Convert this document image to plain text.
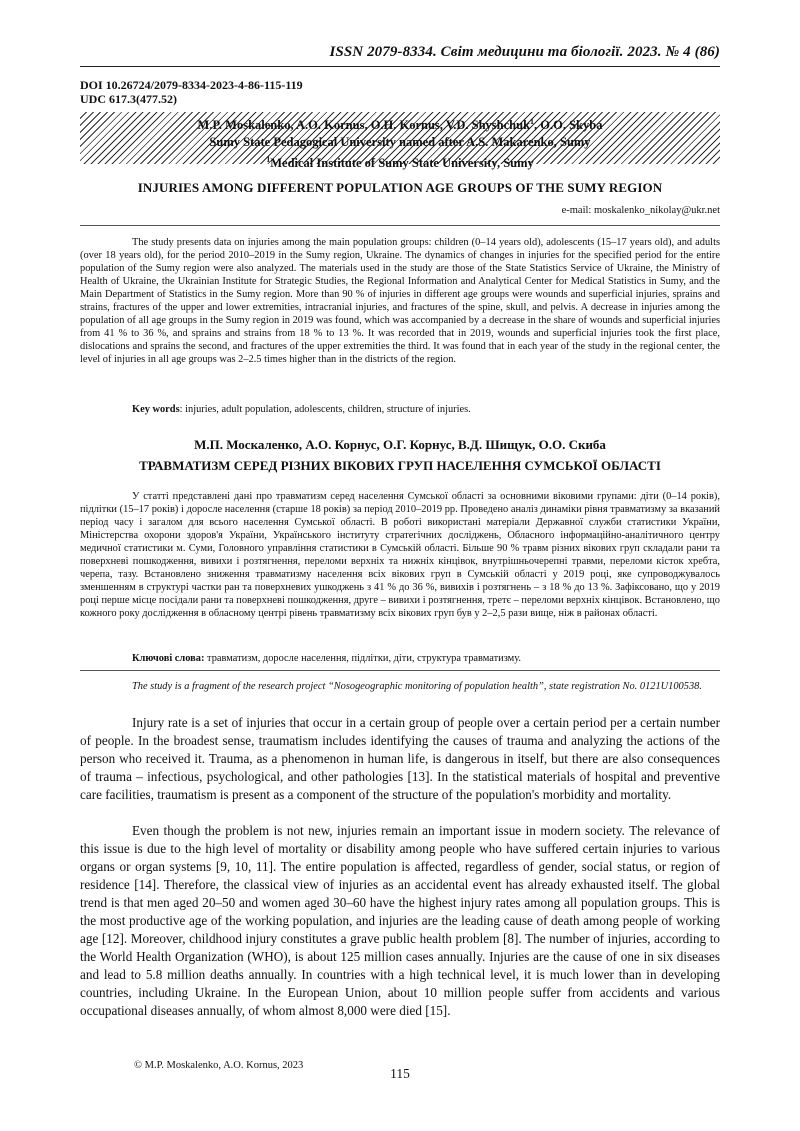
ISSN 2079-8334. Світ медицини та біології. 2023. № 4 (86)
DOI 10.26724/2079-8334-2023-4-86-115-119
UDC 617.3(477.52)
M.P. Moskalenko, A.O. Kornus, O.H. Kornus, V.D. Shyshchuk$^1$, O.O. Skyba
Sumy State Pedagogical University named after A.S. Makarenko, Sumy
$^1$Medical Institute of Sumy State University, Sumy
INJURIES AMONG DIFFERENT POPULATION AGE GROUPS OF THE SUMY REGION
e-mail: moskalenko_nikolay@ukr.net

The study presents data on injuries among the main population groups: children (0–14 years old), adolescents (15–17 years old), and adults (over 18 years old), for the period 2010–2019 in the Sumy region, Ukraine. The dynamics of changes in injuries for the specified period for the entire population of the Sumy region were also analyzed. The materials used in the study are those of the State Statistics Service of Ukraine, the Ministry of Health of Ukraine, the Ukrainian Institute for Strategic Studies, the Regional Information and Analytical Center for Medical Statistics in Sumy, and the Main Department of Statistics in the Sumy region. More than 90 % of injuries in different age groups were wounds and superficial injuries, sprains and strains, fractures of the upper and lower extremities, intracranial injuries, and fractures of the spine, skull, and pelvis. A decrease in injuries among the population of all age groups in the Sumy region in 2019 was found, which was accompanied by a decrease in the share of wounds and superficial injuries from 41 % to 36 %, and sprains and strains from 18 % to 13 %. It was recorded that in 2019, wounds and superficial injuries took the first place, dislocations and sprains the second, and fractures of the upper extremities the third. It was found that in each year of the study in the regional center, the level of injuries in all age groups was 2–2.5 times higher than in the districts of the region.

Key words: injuries, adult population, adolescents, children, structure of injuries.
М.П. Москаленко, А.О. Корнус, О.Г. Корнус, В.Д. Шищук, О.О. Скиба
ТРАВМАТИЗМ СЕРЕД РІЗНИХ ВІКОВИХ ГРУП НАСЕЛЕННЯ СУМСЬКОЇ ОБЛАСТІ

У статті представлені дані про травматизм серед населення Сумської області за основними віковими групами: діти (0–14 років), підлітки (15–17 років) і доросле населення (старше 18 років) за період 2010–2019 рр. Проведено аналіз динаміки рівня травматизму за вказаний період часу і загалом для всього населення Сумської області. В роботі використані матеріали Державної служби статистики України, Міністерства охорони здоров'я України, Українського інституту стратегічних досліджень, Обласного інформаційно-аналітичного центру медичної статистики м. Суми, Головного управління статистики в Сумській області. Більше 90 % травм різних вікових груп складали рани та поверхневі пошкодження, вивихи і розтягнення, переломи верхніх та нижніх кінцівок, внутрішньочерепні травми, переломи кісток хребта, черепа, тазу. Встановлено зниження травматизму населення всіх вікових груп в Сумській області у 2019 році, яке супроводжувалось зменшенням в структурі частки ран та поверхневих ушкоджень з 41 % до 36 %, вивихів і розтягнень – з 18 % до 13 %. Зафіксовано, що у 2019 році перше місце посідали рани та поверхневі пошкодження, друге – вивихи і розтягнення, третє – переломи верхніх кінцівок. Встановлено, що кожного року дослідження в обласному центрі рівень травматизму всіх вікових груп був у 2–2,5 рази вище, ніж в районах області.

Ключові слова: травматизм, доросле населення, підлітки, діти, структура травматизму.

The study is a fragment of the research project “Nosogeographic monitoring of population health”, state registration No. 0121U100538.

Injury rate is a set of injuries that occur in a certain group of people over a certain period per a certain number of people. In the broadest sense, traumatism includes identifying the causes of trauma and analyzing the actions of the person who received it. Trauma, as a phenomenon in human life, is dangerous in itself, but there are also consequences of trauma – infectious, psychological, and other pathologies [13]. In the statistical materials of hospital and preventive care facilities, traumatism is present as a component of the structure of the population's morbidity and mortality.

Even though the problem is not new, injuries remain an important issue in modern society. The relevance of this issue is due to the high level of mortality or disability among people who have suffered certain injuries to various organs or organ systems [9, 10, 11]. The entire population is affected, regardless of gender, social status, or region of residence [14]. Therefore, the classical view of injuries as an accidental event has already exhausted itself. The global trend is that men aged 20–50 and women aged 30–60 have the highest injury rates among all population groups. This is the most productive age of the working population, and injuries are the leading cause of death among people of working age [12]. Moreover, childhood injury constitutes a grave public health problem [8]. The number of injuries, according to the World Health Organization (WHO), is about 125 million cases annually. Injuries are the cause of one in six diseases and lead to 5.8 million deaths annually. In countries with a high technical level, it is much lower than in developing countries, including Ukraine. In the European Union, about 10 million people suffer from accidents and various occupational diseases annually, of whom almost 8,000 were died [15].

© M.P. Moskalenko, A.O. Kornus, 2023
115
